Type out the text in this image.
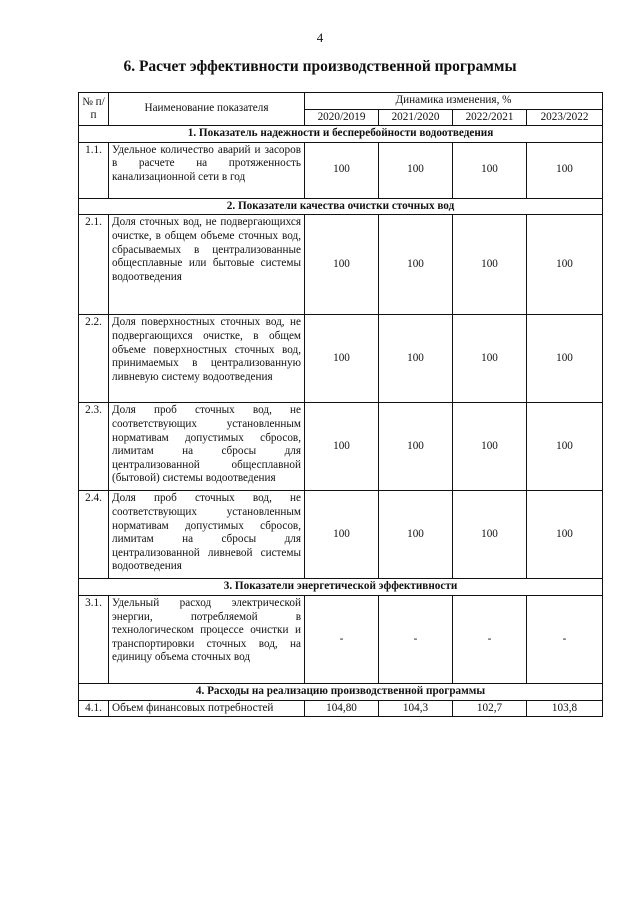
4
6. Расчет эффективности производственной программы
№ п/п	Наименование показателя	Динамика изменения, %			
		2020/2019	2021/2020	2022/2021	2023/2022
1. Показатель надежности и бесперебойности водоотведения					
1.1.	Удельное количество аварий и засоров в расчете на протяженность канализационной сети в год	100	100	100	100
2. Показатели качества очистки сточных вод					
2.1.	Доля сточных вод, не подвергающихся очистке, в общем объеме сточных вод, сбрасываемых в централизованные общесплавные или бытовые системы водоотведения	100	100	100	100
2.2.	Доля поверхностных сточных вод, не подвергающихся очистке, в общем объеме поверхностных сточных вод, принимаемых в централизованную ливневую систему водоотведения	100	100	100	100
2.3.	Доля проб сточных вод, не соответствующих установленным нормативам допустимых сбросов, лимитам на сбросы для централизованной общесплавной (бытовой) системы водоотведения	100	100	100	100
2.4.	Доля проб сточных вод, не соответствующих установленным нормативам допустимых сбросов, лимитам на сбросы для централизованной ливневой системы водоотведения	100	100	100	100
3. Показатели энергетической эффективности					
3.1.	Удельный расход электрической энергии, потребляемой в технологическом процессе очистки и транспортировки сточных вод, на единицу объема сточных вод	-	-	-	-
4. Расходы на реализацию производственной программы					
4.1.	Объем финансовых потребностей	104,80	104,3	102,7	103,8
